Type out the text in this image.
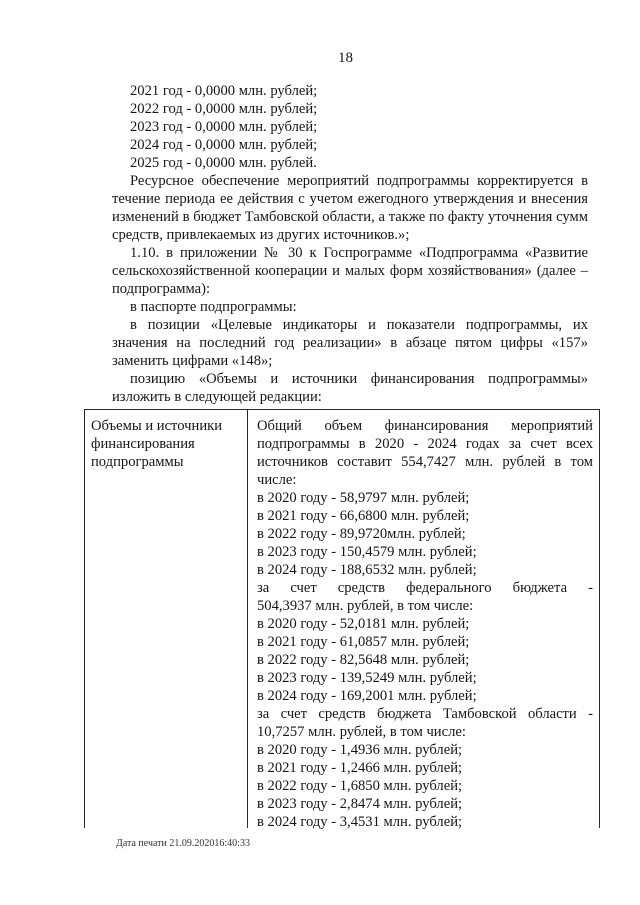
18
2021 год - 0,0000 млн. рублей;
2022 год - 0,0000 млн. рублей;
2023 год - 0,0000 млн. рублей;
2024 год - 0,0000 млн. рублей;
2025 год - 0,0000 млн. рублей.
Ресурсное обеспечение мероприятий подпрограммы корректируется в
течение периода ее действия с учетом ежегодного утверждения и внесения
изменений в бюджет Тамбовской области, а также по факту уточнения сумм
средств, привлекаемых из других источников.»;
1.10. в приложении № 30 к Госпрограмме «Подпрограмма «Развитие
сельскохозяйственной кооперации и малых форм хозяйствования» (далее –
подпрограмма):
в паспорте подпрограммы:
в позиции «Целевые индикаторы и показатели подпрограммы, их
значения на последний год реализации» в абзаце пятом цифры «157»
заменить цифрами «148»;
позицию «Объемы и источники финансирования подпрограммы»
изложить в следующей редакции:
Объемы и источники
финансирования
подпрограммы
Общий объем финансирования мероприятий
подпрограммы в 2020 - 2024 годах за счет всех
источников составит 554,7427 млн. рублей в том
числе:
в 2020 году - 58,9797 млн. рублей;
в 2021 году - 66,6800 млн. рублей;
в 2022 году - 89,9720млн. рублей;
в 2023 году - 150,4579 млн. рублей;
в 2024 году - 188,6532 млн. рублей;
за счет средств федерального бюджета -
504,3937 млн. рублей, в том числе:
в 2020 году - 52,0181 млн. рублей;
в 2021 году - 61,0857 млн. рублей;
в 2022 году - 82,5648 млн. рублей;
в 2023 году - 139,5249 млн. рублей;
в 2024 году - 169,2001 млн. рублей;
за счет средств бюджета Тамбовской области -
10,7257 млн. рублей, в том числе:
в 2020 году - 1,4936 млн. рублей;
в 2021 году - 1,2466 млн. рублей;
в 2022 году - 1,6850 млн. рублей;
в 2023 году - 2,8474 млн. рублей;
в 2024 году - 3,4531 млн. рублей;
Дата печати 21.09.202016:40:33
